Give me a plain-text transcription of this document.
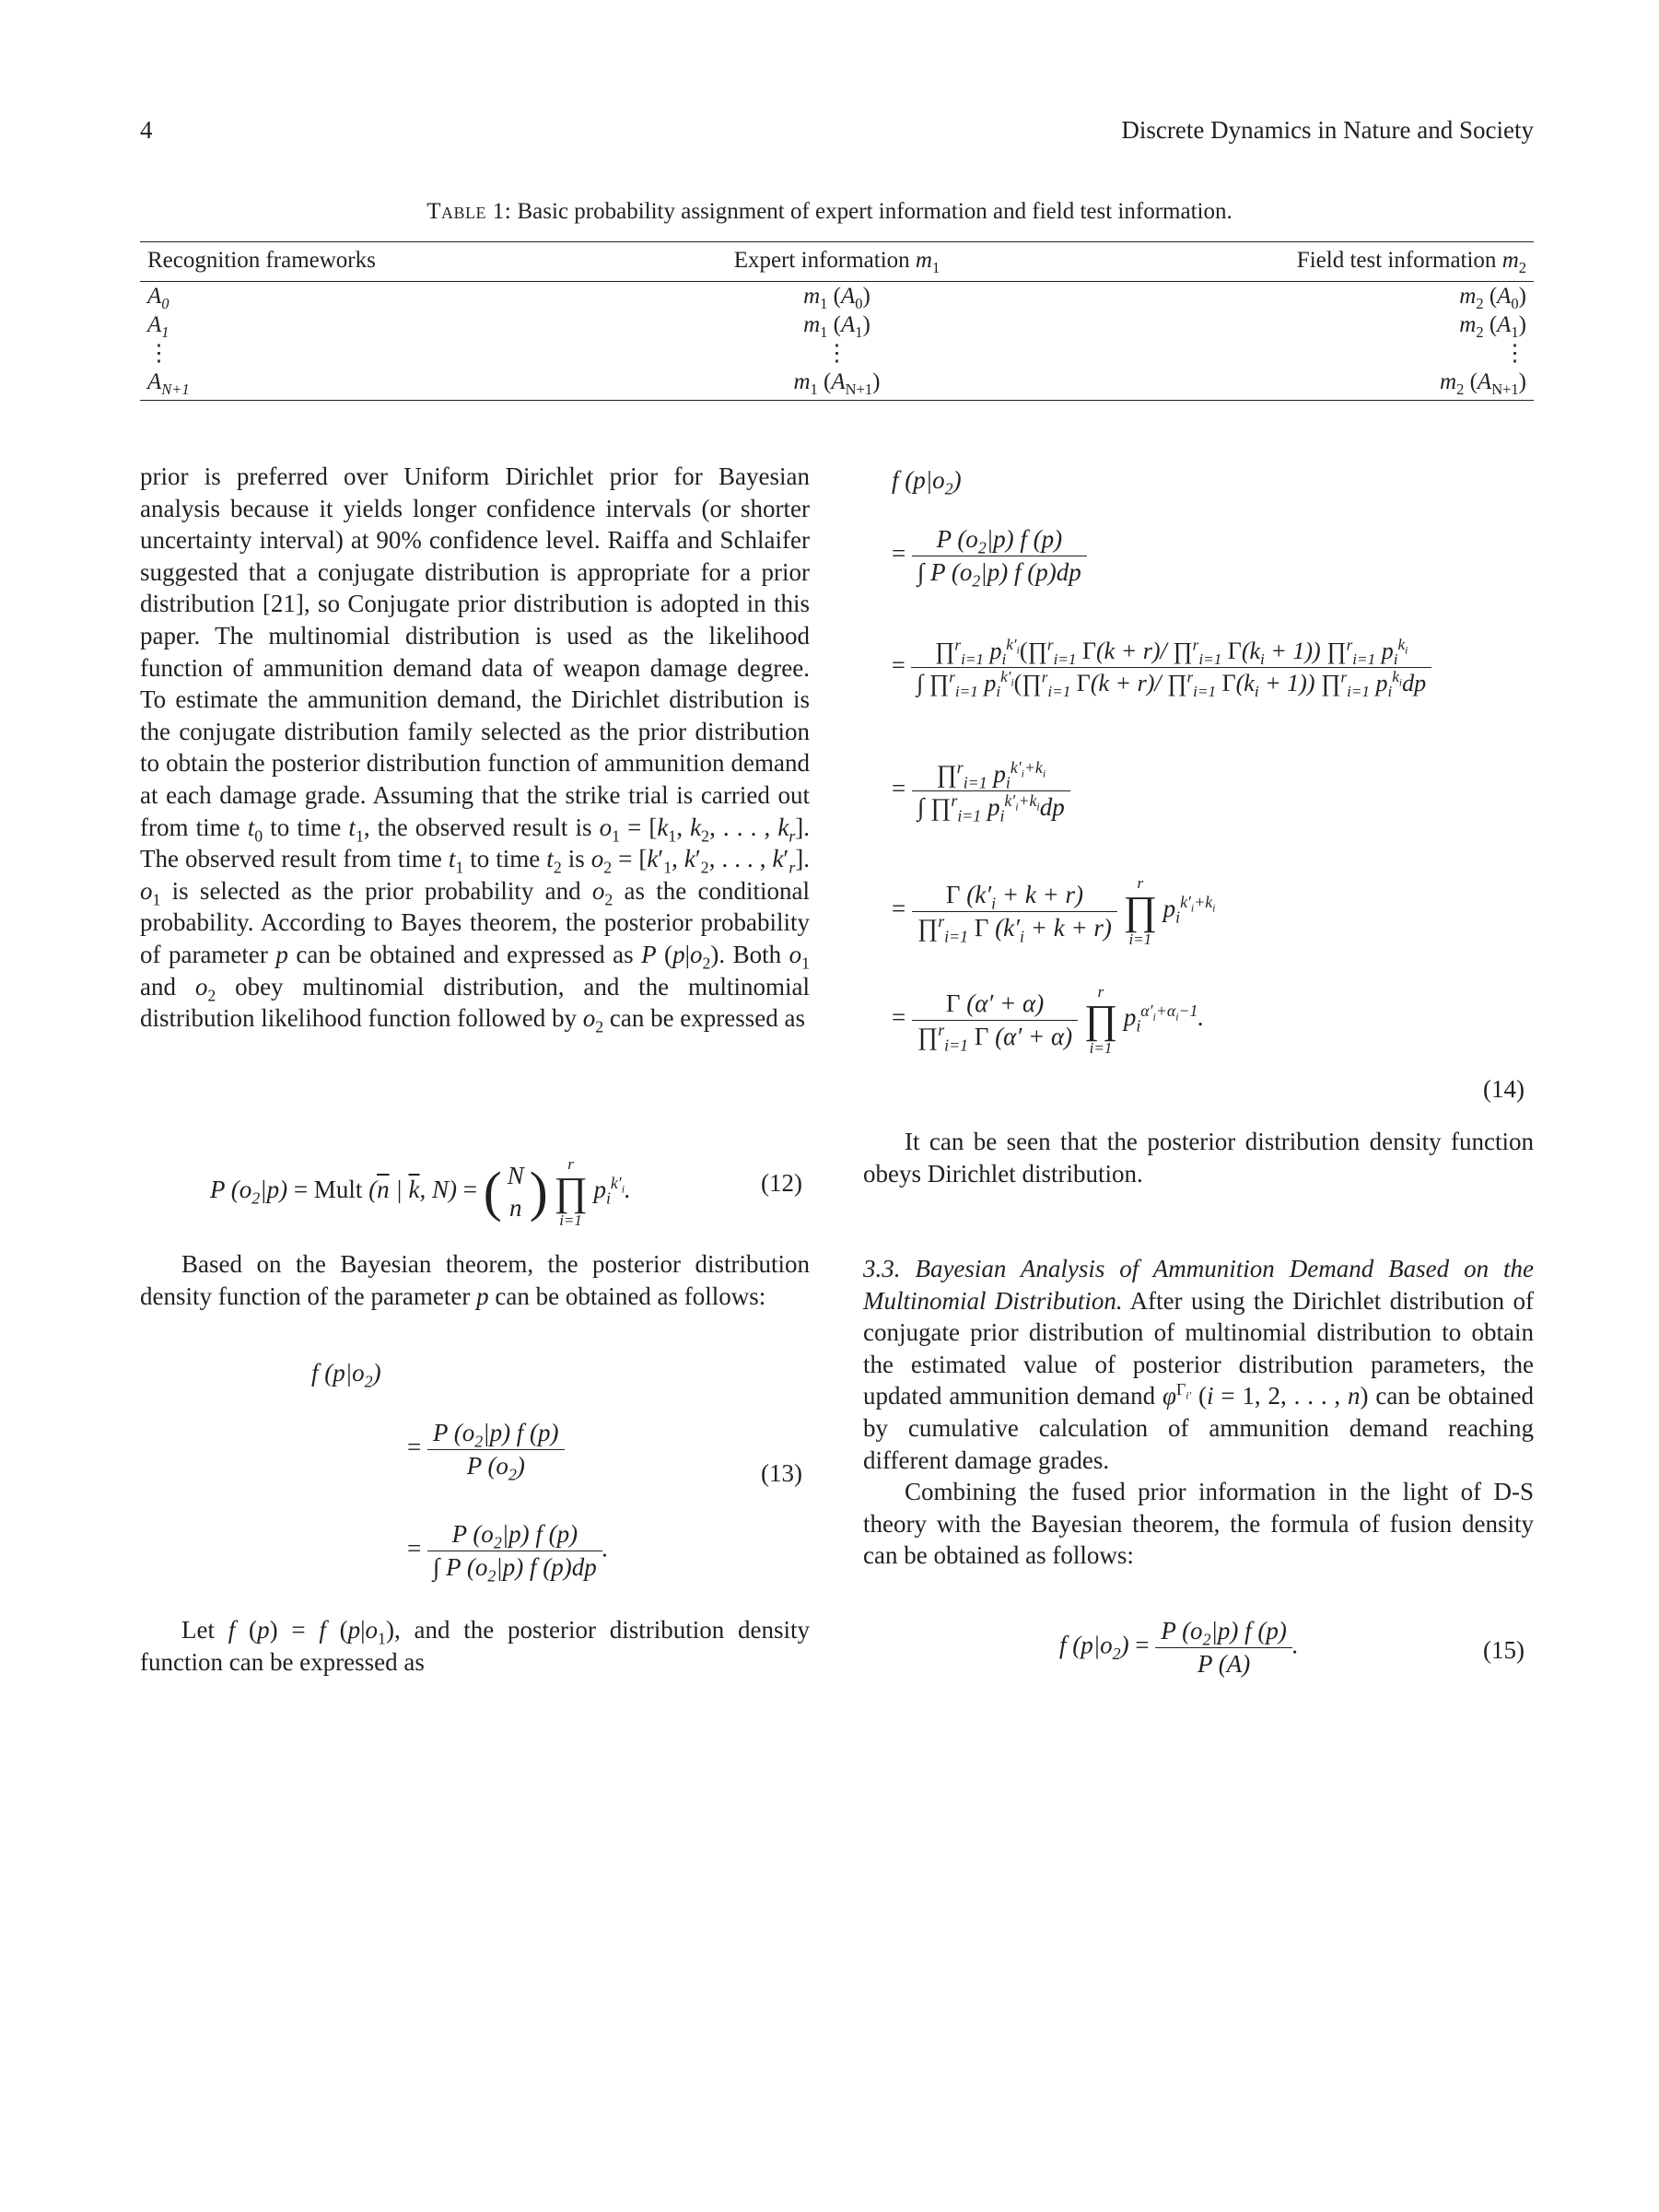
4	Discrete Dynamics in Nature and Society
Table 1: Basic probability assignment of expert information and field test information.
Recognition frameworks	Expert information $m_1$	Field test information $m_2$
$A_0$	$m_1$ $(A_0)$	$m_2$ $(A_0)$
$A_1$	$m_1$ $(A_1)$	$m_2$ $(A_1)$
⋮	⋮	⋮
$A_{N+1}$	$m_1$ $(A_{N+1})$	$m_2$ $(A_{N+1})$

prior is preferred over Uniform Dirichlet prior for Bayesian analysis because it yields longer confidence intervals (or shorter uncertainty interval) at 90% confidence level. Raiffa and Schlaifer suggested that a conjugate distribution is appropriate for a prior distribution [21], so Conjugate prior distribution is adopted in this paper. The multinomial distribution is used as the likelihood function of ammunition demand data of weapon damage degree. To estimate the ammunition demand, the Dirichlet distribution is the conjugate distribution family selected as the prior distribution to obtain the posterior distribution function of ammunition demand at each damage grade. Assuming that the strike trial is carried out from time $t_0$ to time $t_1$, the observed result is $o_1 = [k_1$, $k_2$, . . . , $k_r$]. The observed result from time $t_1$ to time $t_2$ is $o_2 = [k'_1$, $k'_2$, . . . , $k'_r$]. $o_1$ is selected as the prior probability and $o_2$ as the conditional probability. According to Bayes theorem, the posterior probability of parameter p can be obtained and expressed as P $(p|o_2)$. Both $o_1$ and $o_2$ obey multinomial distribution, and the multinomial distribution likelihood function followed by $o_2$ can be expressed as

P $(o_2|p)$ = Mult ($\overline{n}$ | $\overline{k}$, N) = ( N
n )	r
∏
i=1
$p_i^{k'_i}$.	(12)

Based on the Bayesian theorem, the posterior distribution density function of the parameter p can be obtained as follows:

f $(p|o_2)$
= $\frac{P (o_2|p) f (p)}{P (o_2)}$	(13)
= $\frac{P (o_2|p) f (p)}{\int P (o_2|p) f (p)dp}$ .

Let f (p) = f $(p|o_1)$, and the posterior distribution density function can be expressed as

f $(p|o_2)$
= $\frac{P (o_2|p) f (p)}{\int P (o_2|p) f (p)dp}$
= $\frac{\prod^r_{i=1} p_i^{k'_i}(\prod^r_{i=1} \Gamma(k + r)/ \prod^r_{i=1} \Gamma(k_i + 1)) \prod^r_{i=1} p_i^{k_i}}{\int \prod^r_{i=1} p_i^{k'_i}(\prod^r_{i=1} \Gamma(k + r)/ \prod^r_{i=1} \Gamma(k_i + 1)) \prod^r_{i=1} p_i^{k_i}dp}$
= $\frac{\prod^r_{i=1} p_i^{k'_i+k_i}}{\int \prod^r_{i=1} p_i^{k'_i+k_i}dp}$
= $\frac{\Gamma (k'_i + k + r)}{\prod^r_{i=1} \Gamma (k'_i + k + r)}$
	r
∏
i=1
$p_i^{k'_i+k_i}$
= $\frac{\Gamma (\alpha' + \alpha)}{\prod^r_{i=1} \Gamma (\alpha' + \alpha)}$
	r
∏
i=1
$p_i^{\alpha'_i+\alpha_i-1}$.
(14)

It can be seen that the posterior distribution density function obeys Dirichlet distribution.

3.3. Bayesian Analysis of Ammunition Demand Based on the Multinomial Distribution. After using the Dirichlet distribution of conjugate prior distribution of multinomial distribution to obtain the estimated value of posterior distribution parameters, the updated ammunition demand $\varphi^{\Gamma_{i'}}$ (i = 1, 2, . . . , n) can be obtained by cumulative calculation of ammunition demand reaching different damage grades.

Combining the fused prior information in the light of D-S theory with the Bayesian theorem, the formula of fusion density can be obtained as follows:

f $(p|o_2) = \frac{P (o_2|p) f (p)}{P (A)}$ .	(15)
